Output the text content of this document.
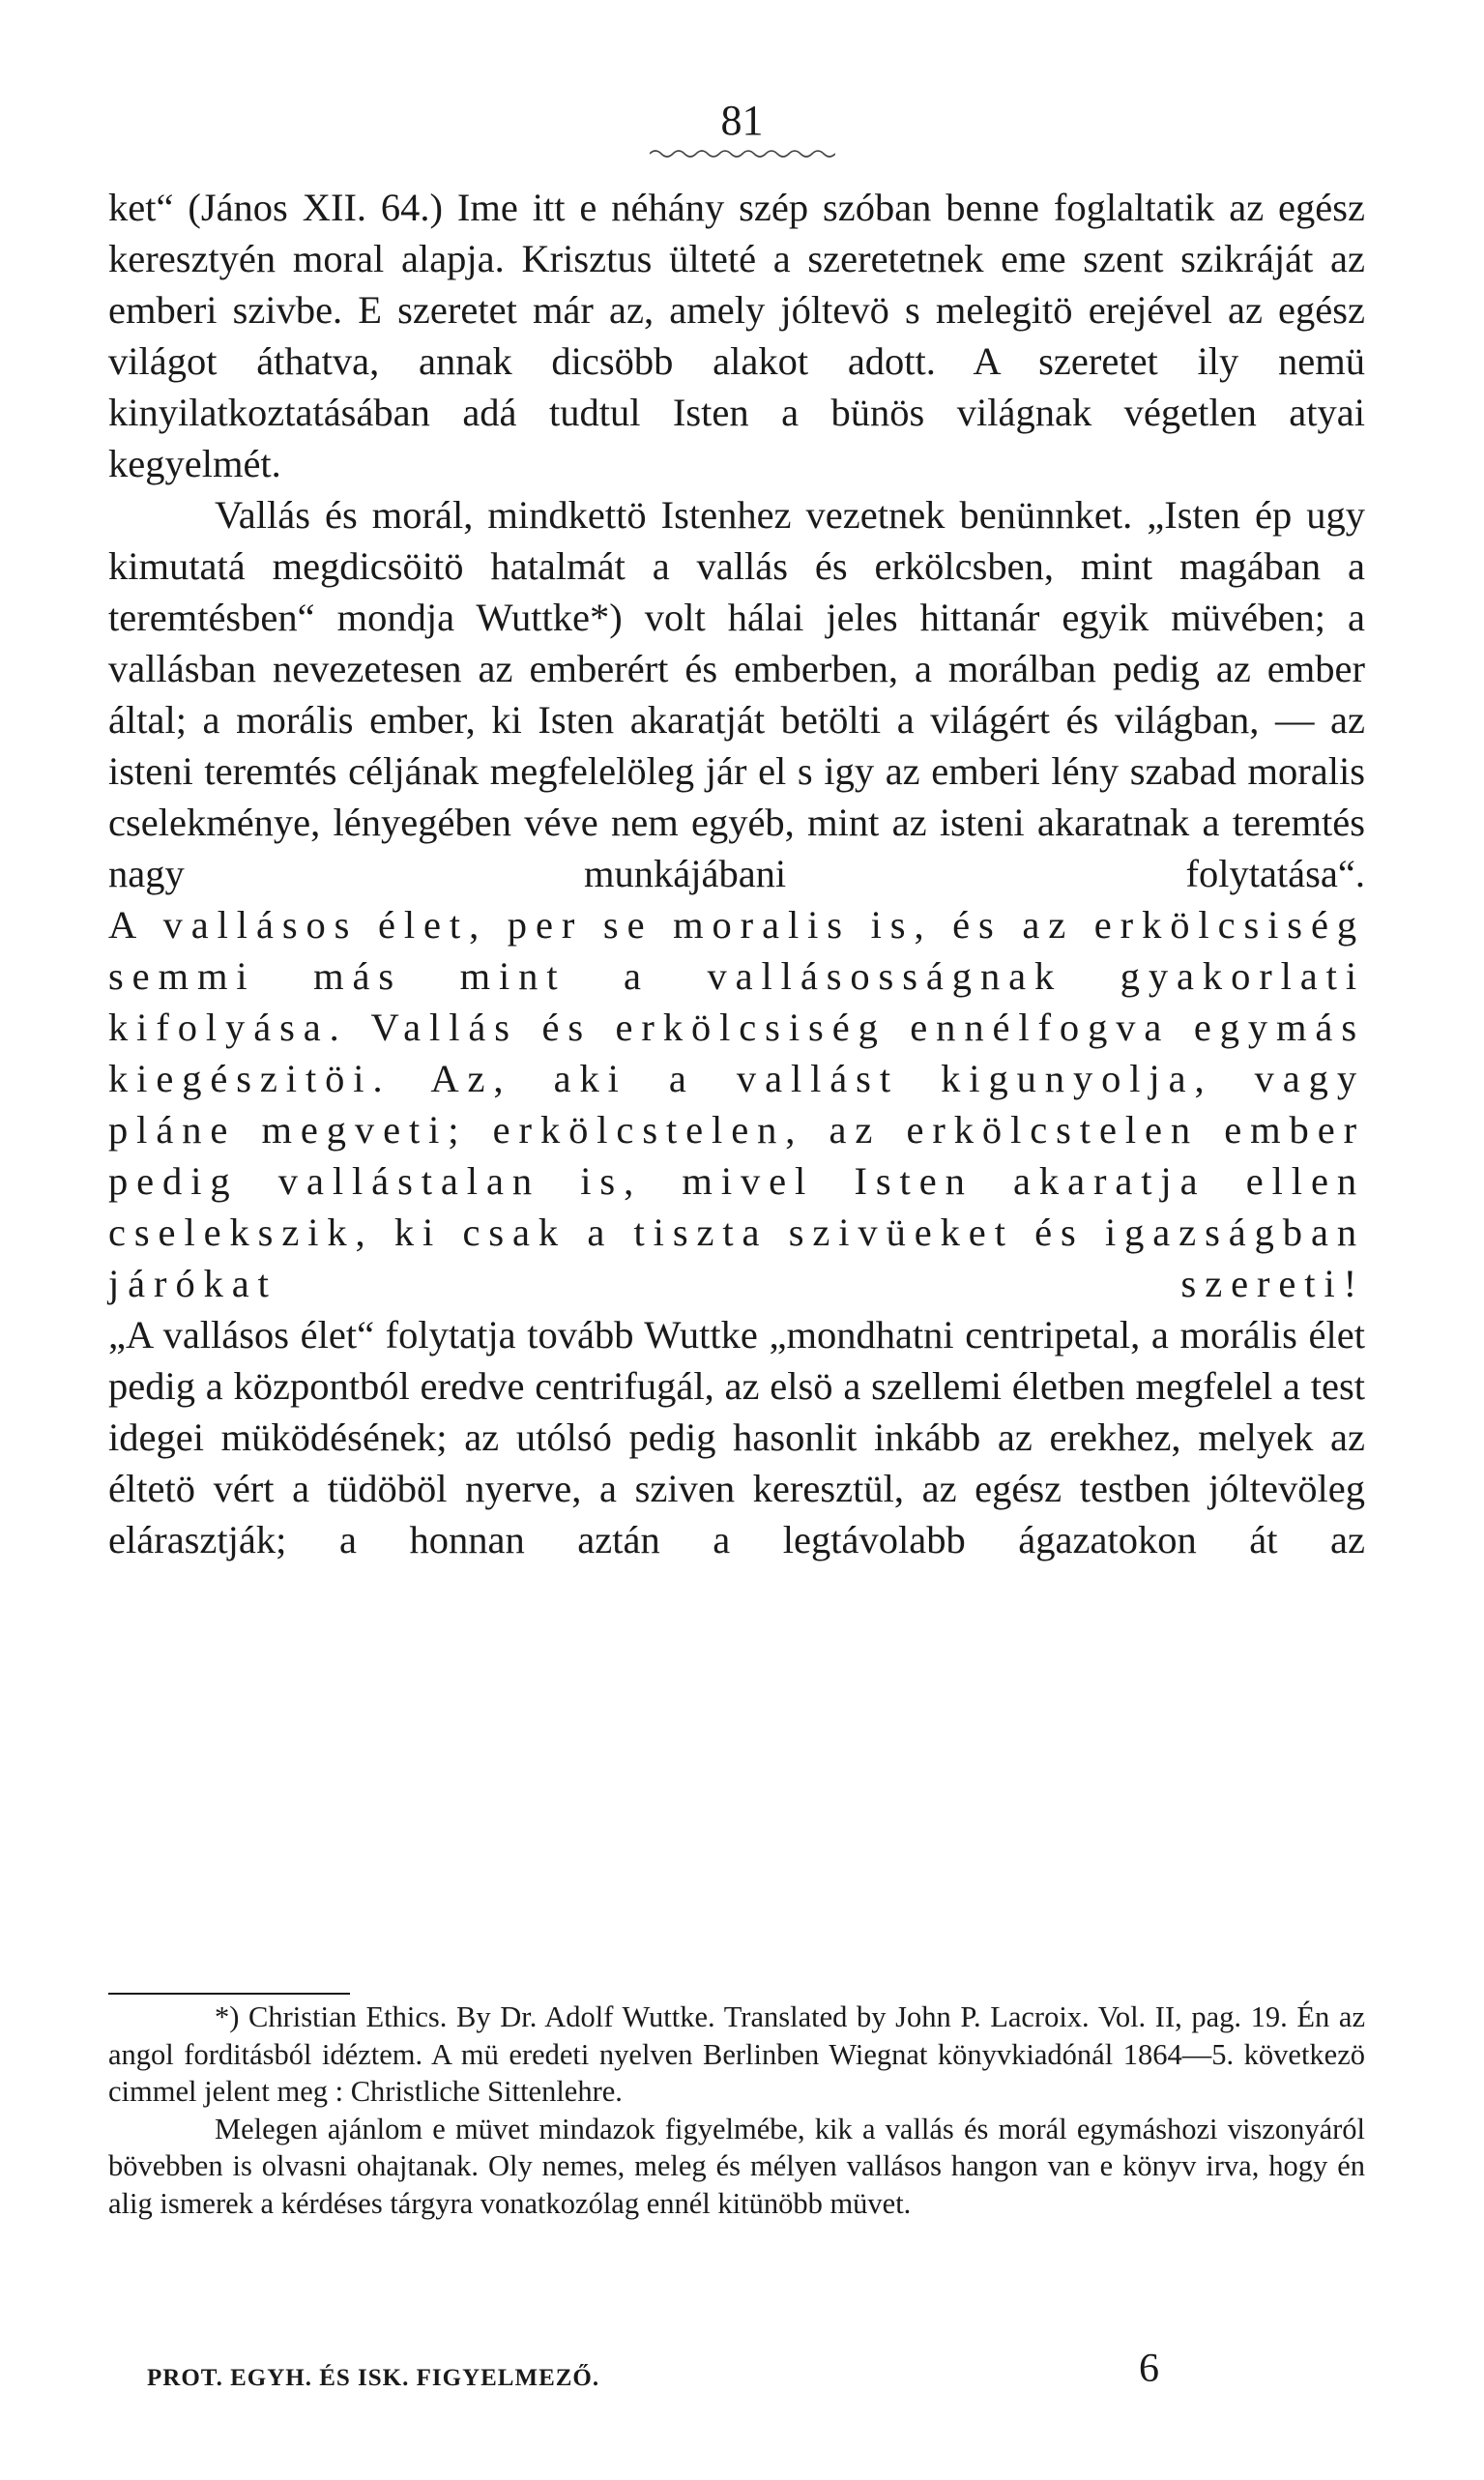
81

ket“ (János XII. 64.) Ime itt e néhány szép szóban benne foglaltatik az egész keresztyén moral alapja. Krisztus ülteté a szeretetnek eme szent szikráját az emberi szivbe. E szeretet már az, amely jóltevö s melegitö erejével az egész világot áthatva, annak dicsöbb alakot adott. A szeretet ily nemü kinyilatkoztatásában adá tudtul Isten a bünös világnak végetlen atyai kegyelmét.

Vallás és morál, mindkettö Istenhez vezetnek benünnket. „Isten ép ugy kimutatá megdicsöitö hatalmát a vallás és erkölcsben, mint magában a teremtésben“ mondja Wuttke*) volt hálai jeles hittanár egyik müvében; a vallásban nevezetesen az emberért és emberben, a morálban pedig az ember által; a morális ember, ki Isten akaratját betölti a világért és világban, — az isteni teremtés céljának megfelelöleg jár el s igy az emberi lény szabad moralis cselekménye, lényegében véve nem egyéb, mint az isteni akaratnak a teremtés nagy munkájábani folytatása“.

A vallásos élet, per se moralis is, és az erkölcsiség semmi más mint a vallásosságnak gyakorlati kifolyása. Vallás és erkölcsiség ennélfogva egymás kiegészitöi. Az, aki a vallást kigunyolja, vagy pláne megveti; erkölcstelen, az erkölcstelen ember pedig vallástalan is, mivel Isten akaratja ellen cselekszik, ki csak a tiszta szivüeket és igazságban járókat szereti!

„A vallásos élet“ folytatja tovább Wuttke „mondhatni centripetal, a morális élet pedig a központból eredve centrifugál, az elsö a szellemi életben megfelel a test idegei müködésének; az utólsó pedig hasonlit inkább az erekhez, melyek az éltetö vért a tüdöböl nyerve, a sziven keresztül, az egész testben jóltevöleg elárasztják; a honnan aztán a legtávolabb ágazatokon át az

*) Christian Ethics. By Dr. Adolf Wuttke. Translated by John P. Lacroix. Vol. II, pag. 19. Én az angol forditásból idéztem. A mü eredeti nyelven Berlinben Wiegnat könyvkiadónál 1864—5. következö cimmel jelent meg : Christliche Sittenlehre.

Melegen ajánlom e müvet mindazok figyelmébe, kik a vallás és morál egymáshozi viszonyáról bövebben is olvasni ohajtanak. Oly nemes, meleg és mélyen vallásos hangon van e könyv irva, hogy én alig ismerek a kérdéses tárgyra vonatkozólag ennél kitünöbb müvet.

PROT. EGYH. ÉS ISK. FIGYELMEZŐ.	6
